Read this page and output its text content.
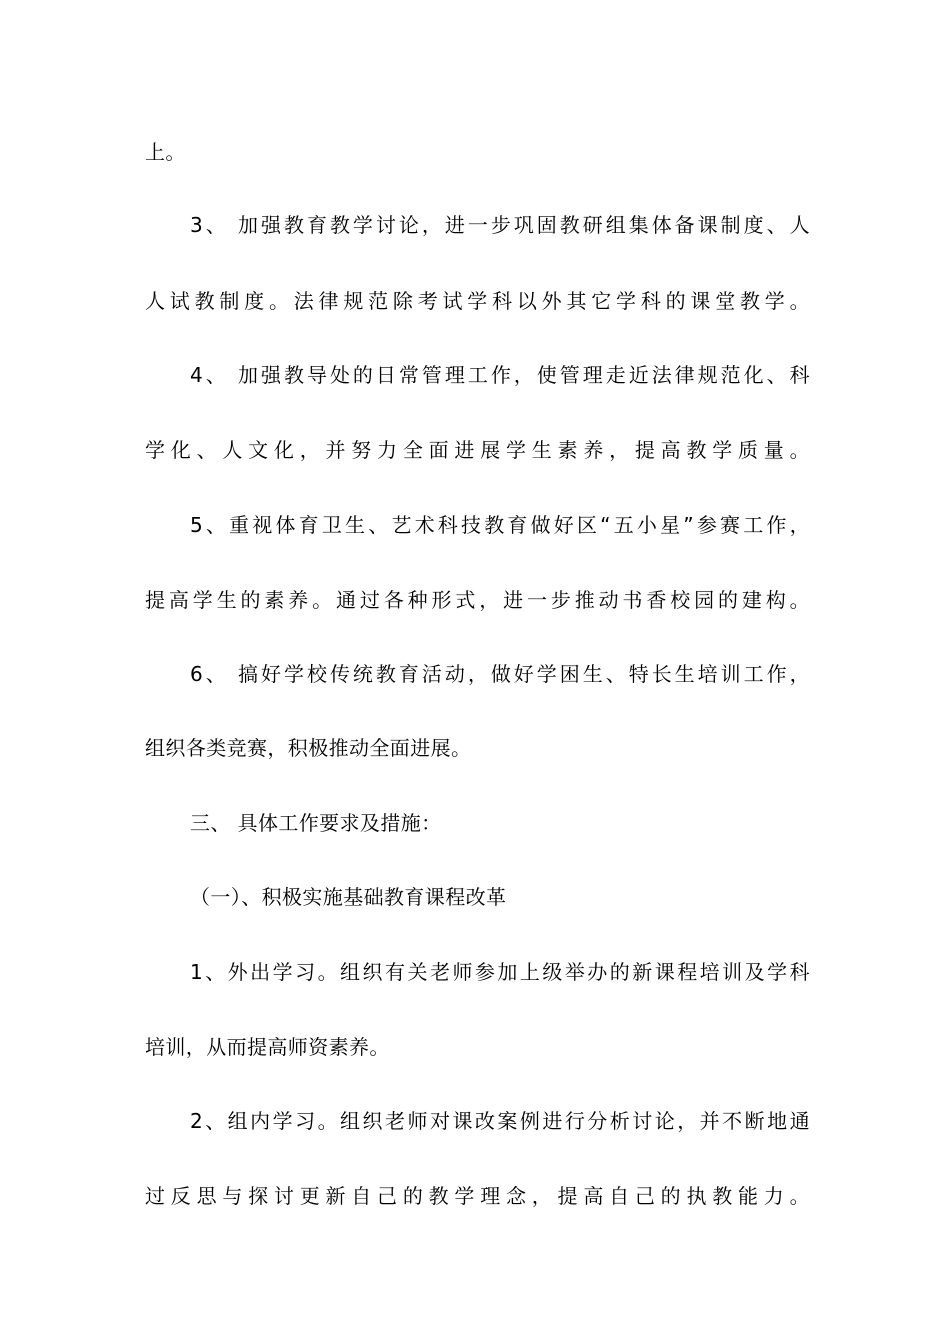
上。
3、 加强教育教学讨论，进一步巩固教研组集体备课制度、人
人试教制度。法律规范除考试学科以外其它学科的课堂教学。
4、 加强教导处的日常管理工作，使管理走近法律规范化、科
学化、人文化，并努力全面进展学生素养，提高教学质量。
5、重视体育卫生、艺术科技教育做好区“五小星”参赛工作，
提高学生的素养。通过各种形式，进一步推动书香校园的建构。
6、 搞好学校传统教育活动，做好学困生、特长生培训工作，
组织各类竞赛，积极推动全面进展。
三、 具体工作要求及措施：
（一）、积极实施基础教育课程改革
1、外出学习。组织有关老师参加上级举办的新课程培训及学科
培训，从而提高师资素养。
2、组内学习。组织老师对课改案例进行分析讨论，并不断地通
过反思与探讨更新自己的教学理念，提高自己的执教能力。
